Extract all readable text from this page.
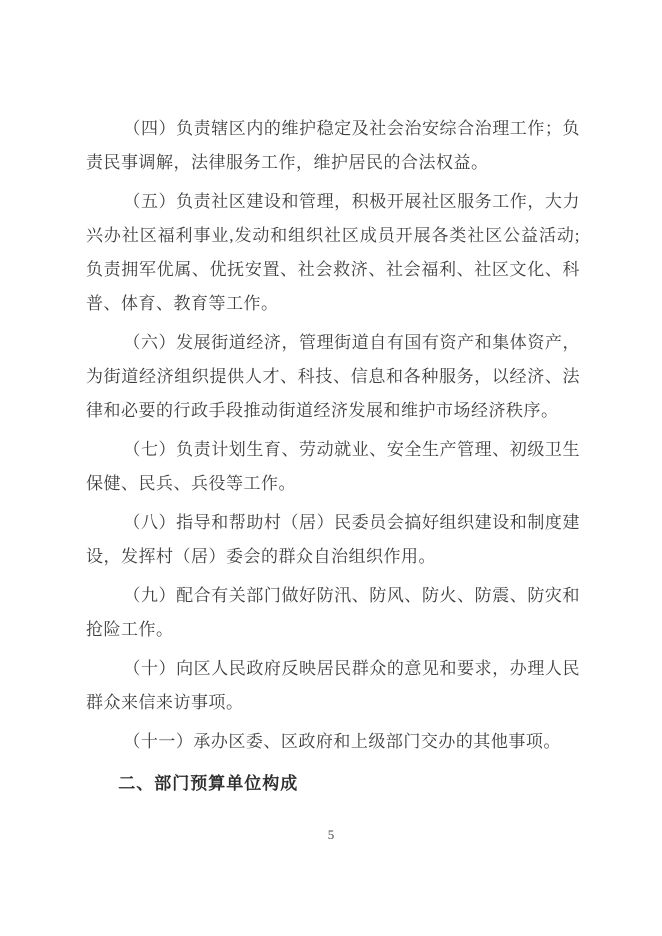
（四）负责辖区内的维护稳定及社会治安综合治理工作；负责民事调解，法律服务工作，维护居民的合法权益。

（五）负责社区建设和管理，积极开展社区服务工作，大力兴办社区福利事业,发动和组织社区成员开展各类社区公益活动;负责拥军优属、优抚安置、社会救济、社会福利、社区文化、科普、体育、教育等工作。

（六）发展街道经济，管理街道自有国有资产和集体资产，为街道经济组织提供人才、科技、信息和各种服务，以经济、法律和必要的行政手段推动街道经济发展和维护市场经济秩序。

（七）负责计划生育、劳动就业、安全生产管理、初级卫生保健、民兵、兵役等工作。

（八）指导和帮助村（居）民委员会搞好组织建设和制度建设，发挥村（居）委会的群众自治组织作用。

（九）配合有关部门做好防汛、防风、防火、防震、防灾和抢险工作。

（十）向区人民政府反映居民群众的意见和要求，办理人民群众来信来访事项。

（十一）承办区委、区政府和上级部门交办的其他事项。

二、部门预算单位构成
5
